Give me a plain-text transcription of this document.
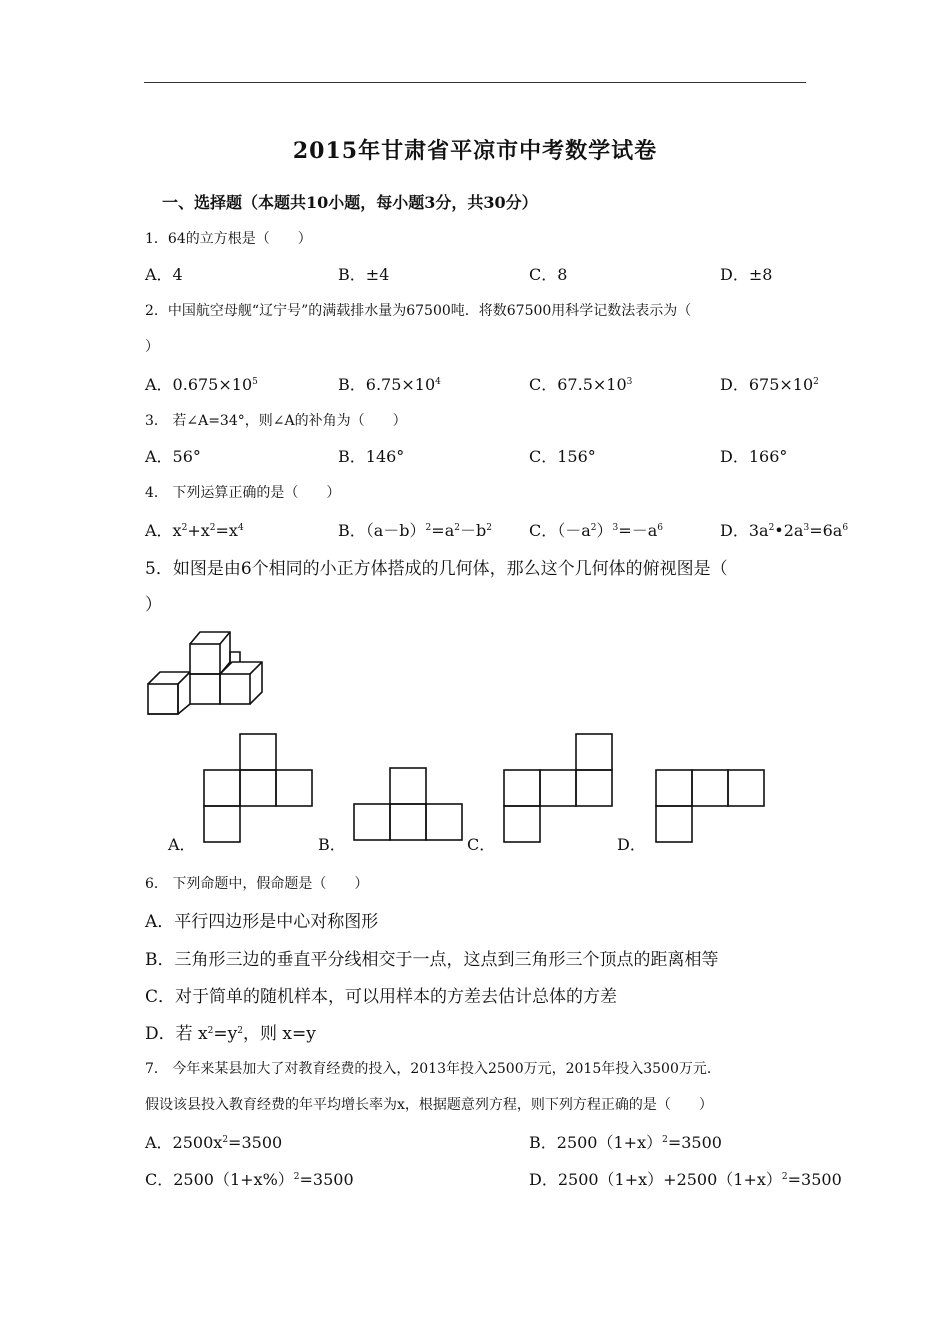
2015年甘肃省平凉市中考数学试卷
一、选择题（本题共10小题，每小题3分，共30分）
1．64的立方根是（　　）
A．4	B．±4	C．8	D．±8
2．中国航空母舰“辽宁号”的满载排水量为67500吨．将数67500用科学记数法表示为（
）
A．$0.675\times 10^5$	B．$6.75\times 10^4$	C．$67.5\times 10^3$	D．$675\times 10^2$
3． 若∠A=34°，则∠A的补角为（　　）
A．56°	B．146°	C．156°	D．166°
4． 下列运算正确的是（　　）
A．$x^2+x^2=x^4$	B．$(a-b)^2=a^2-b^2$ C．$(-a^2)^3=-a^6$	D．$3a^2•2a^3=6a^6$
5．如图是由6个相同的小正方体搭成的几何体，那么这个几何体的俯视图是（
）
A．	B．	C．	D．
6． 下列命题中，假命题是（　　）
A．平行四边形是中心对称图形
B．三角形三边的垂直平分线相交于一点，这点到三角形三个顶点的距离相等
C．对于简单的随机样本，可以用样本的方差去估计总体的方差
D．若 $x^2=y^2$，则 x=y
7． 今年来某县加大了对教育经费的投入，2013年投入2500万元，2015年投入3500万元．
假设该县投入教育经费的年平均增长率为x，根据题意列方程，则下列方程正确的是（　　）
A．$2500x^2=3500$	B．$2500(1+x)^2=3500$
C．$2500(1+x\%)^2=3500$	D．$2500(1+x)+2500(1+x)^2=3500$
